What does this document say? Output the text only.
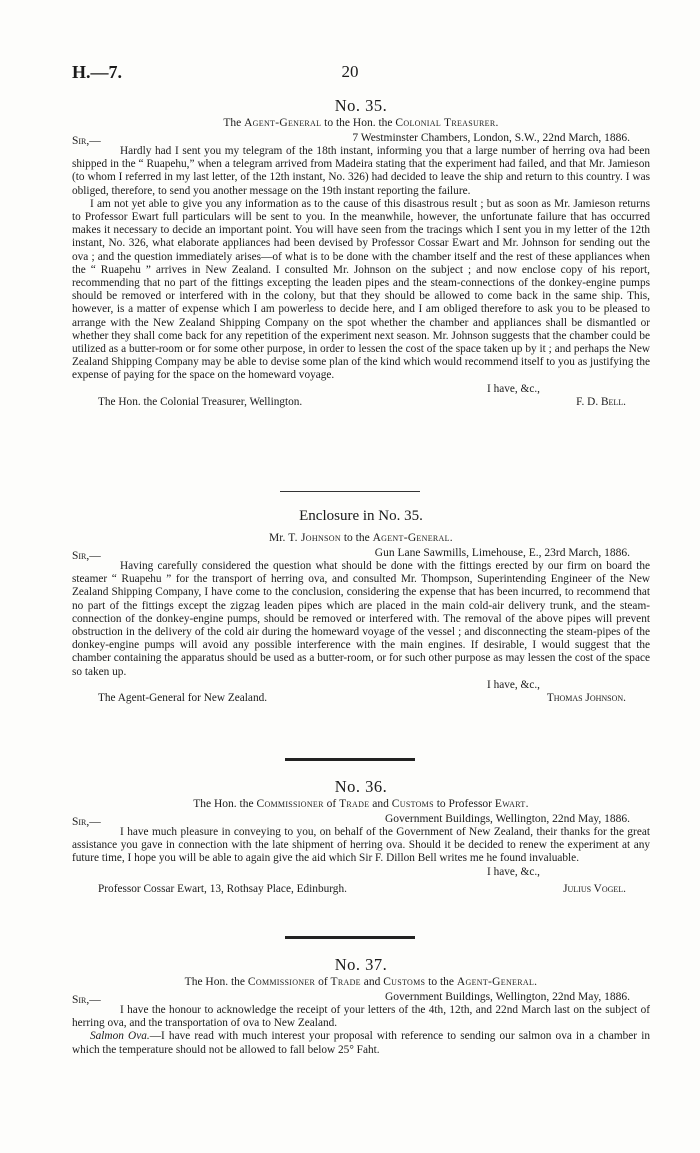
H.—7.	20

No. 35.

The Agent-General to the Hon. the Colonial Treasurer.

Sir,—	7 Westminster Chambers, London, S.W., 22nd March, 1886.

Hardly had I sent you my telegram of the 18th instant, informing you that a large number of herring ova had been shipped in the “ Ruapehu,” when a telegram arrived from Madeira stating that the experiment had failed, and that Mr. Jamieson (to whom I referred in my last letter, of the 12th instant, No. 326) had decided to leave the ship and return to this country. I was obliged, therefore, to send you another message on the 19th instant reporting the failure.

I am not yet able to give you any information as to the cause of this disastrous result ; but as soon as Mr. Jamieson returns to Professor Ewart full particulars will be sent to you. In the meanwhile, however, the unfortunate failure that has occurred makes it necessary to decide an important point. You will have seen from the tracings which I sent you in my letter of the 12th instant, No. 326, what elaborate appliances had been devised by Professor Cossar Ewart and Mr. Johnson for sending out the ova ; and the question immediately arises—of what is to be done with the chamber itself and the rest of these appliances when the “ Ruapehu ” arrives in New Zealand. I consulted Mr. Johnson on the subject ; and now enclose copy of his report, recommending that no part of the fittings excepting the leaden pipes and the steam-connections of the donkey-engine pumps should be removed or interfered with in the colony, but that they should be allowed to come back in the same ship. This, however, is a matter of expense which I am powerless to decide here, and I am obliged therefore to ask you to be pleased to arrange with the New Zealand Shipping Company on the spot whether the chamber and appliances shall be dismantled or whether they shall come back for any repetition of the experiment next season. Mr. Johnson suggests that the chamber could be utilized as a butter-room or for some other purpose, in order to lessen the cost of the space taken up by it ; and perhaps the New Zealand Shipping Company may be able to devise some plan of the kind which would recommend itself to you as justifying the expense of paying for the space on the homeward voyage.

I have, &c.,
The Hon. the Colonial Treasurer, Wellington.	F. D. Bell.

Enclosure in No. 35.

Mr. T. Johnson to the Agent-General.

Sir,—	Gun Lane Sawmills, Limehouse, E., 23rd March, 1886.

Having carefully considered the question what should be done with the fittings erected by our firm on board the steamer “ Ruapehu ” for the transport of herring ova, and consulted Mr. Thompson, Superintending Engineer of the New Zealand Shipping Company, I have come to the conclusion, considering the expense that has been incurred, to recommend that no part of the fittings except the zigzag leaden pipes which are placed in the main cold-air delivery trunk, and the steam-connection of the donkey-engine pumps, should be removed or interfered with. The removal of the above pipes will prevent obstruction in the delivery of the cold air during the homeward voyage of the vessel ; and disconnecting the steam-pipes of the donkey-engine pumps will avoid any possible interference with the main engines. If desirable, I would suggest that the chamber containing the apparatus should be used as a butter-room, or for such other purpose as may lessen the cost of the space so taken up.

I have, &c.,
The Agent-General for New Zealand.	Thomas Johnson.

No. 36.

The Hon. the Commissioner of Trade and Customs to Professor Ewart.

Sir,—	Government Buildings, Wellington, 22nd May, 1886.

I have much pleasure in conveying to you, on behalf of the Government of New Zealand, their thanks for the great assistance you gave in connection with the late shipment of herring ova. Should it be decided to renew the experiment at any future time, I hope you will be able to again give the aid which Sir F. Dillon Bell writes me he found invaluable.

I have, &c.,
Professor Cossar Ewart, 13, Rothsay Place, Edinburgh.	Julius Vogel.

No. 37.

The Hon. the Commissioner of Trade and Customs to the Agent-General.

Sir,—	Government Buildings, Wellington, 22nd May, 1886.

I have the honour to acknowledge the receipt of your letters of the 4th, 12th, and 22nd March last on the subject of herring ova, and the transportation of ova to New Zealand.

Salmon Ova.—I have read with much interest your proposal with reference to sending our salmon ova in a chamber in which the temperature should not be allowed to fall below 25° Faht.
